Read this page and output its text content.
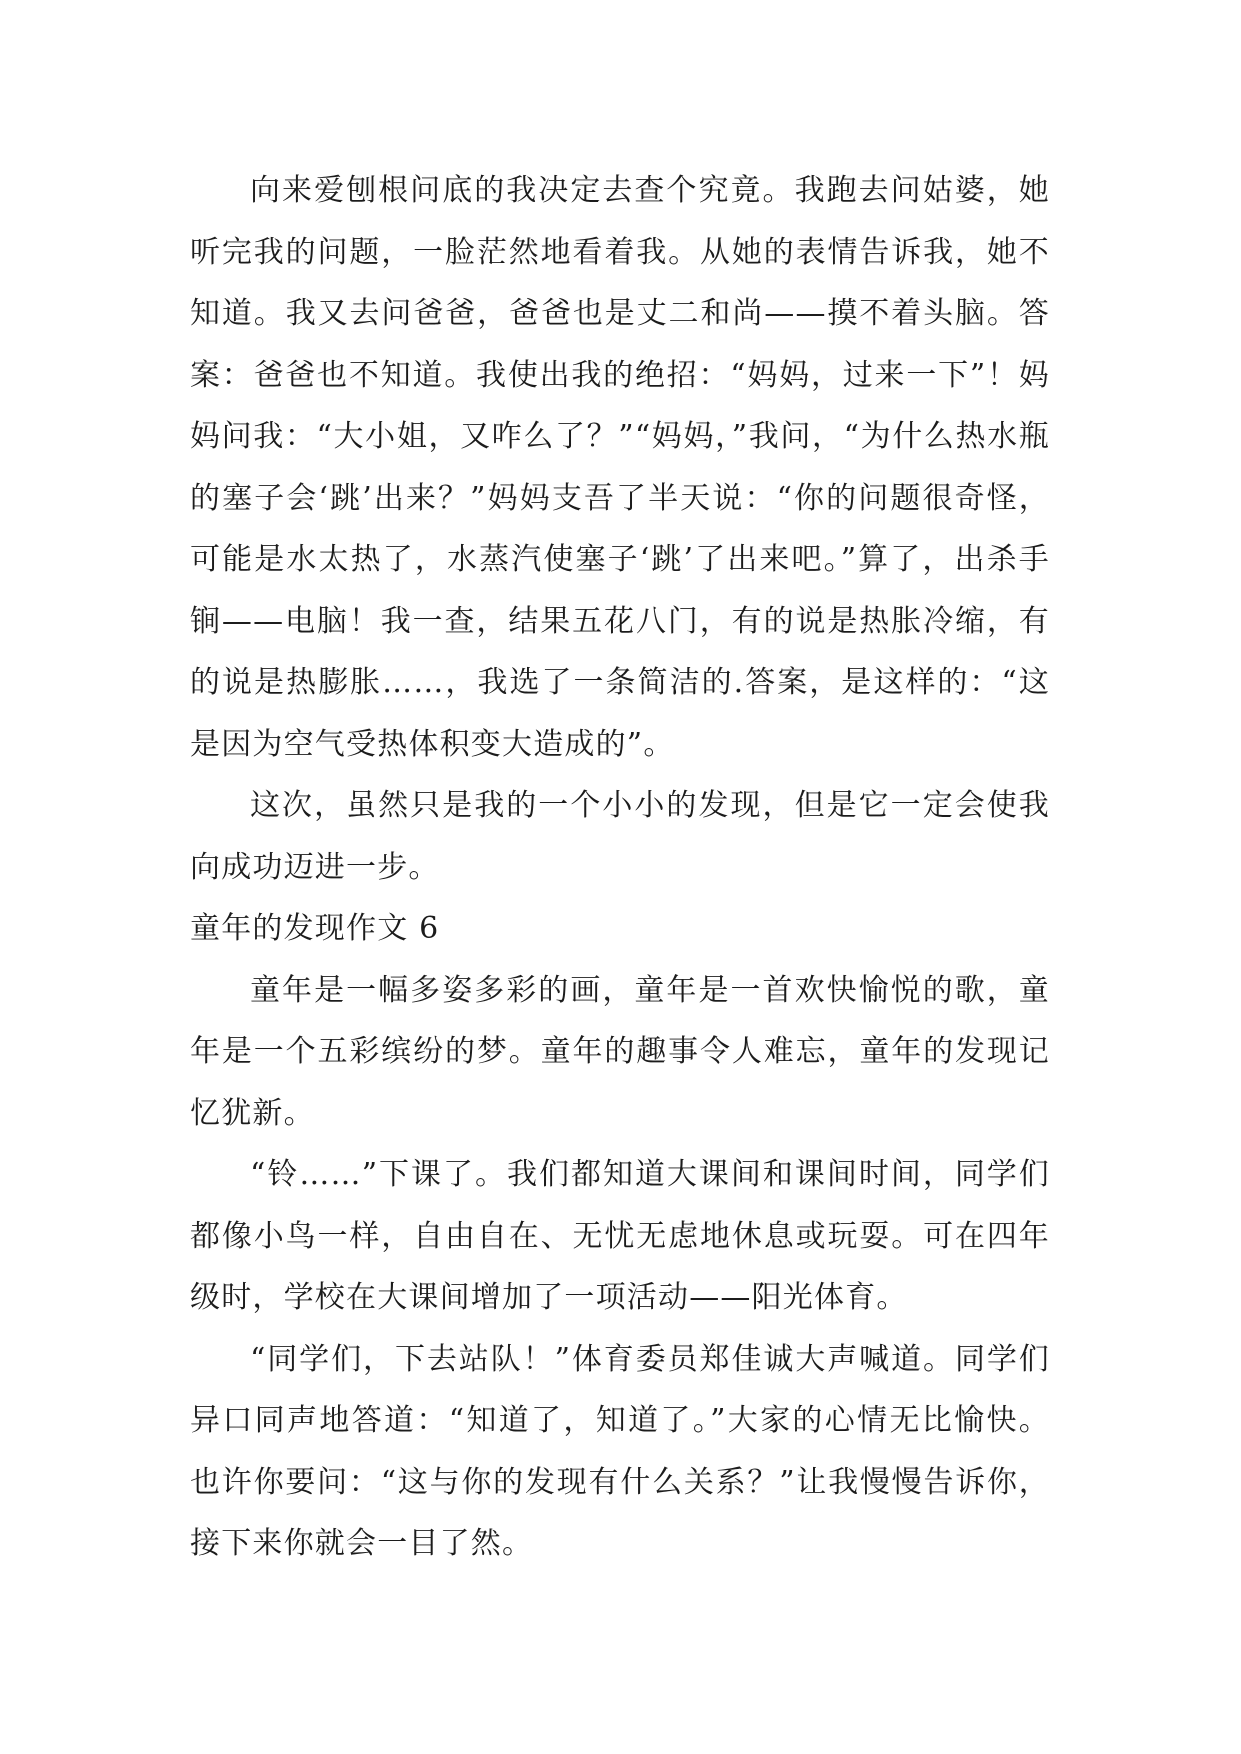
向来爱刨根问底的我决定去查个究竟。我跑去问姑婆，她听完我的问题，一脸茫然地看着我。从她的表情告诉我，她不知道。我又去问爸爸，爸爸也是丈二和尚——摸不着头脑。答案：爸爸也不知道。我使出我的绝招：“妈妈，过来一下”！妈妈问我：“大小姐，又咋么了？”“妈妈，”我问，“为什么热水瓶的塞子会‘跳’出来？”妈妈支吾了半天说：“你的问题很奇怪，可能是水太热了，水蒸汽使塞子‘跳’了出来吧。”算了，出杀手锏——电脑！我一查，结果五花八门，有的说是热胀冷缩，有的说是热膨胀……，我选了一条简洁的.答案，是这样的：“这是因为空气受热体积变大造成的”。

这次，虽然只是我的一个小小的发现，但是它一定会使我向成功迈进一步。

童年的发现作文 6

童年是一幅多姿多彩的画，童年是一首欢快愉悦的歌，童年是一个五彩缤纷的梦。童年的趣事令人难忘，童年的发现记忆犹新。

“铃……”下课了。我们都知道大课间和课间时间，同学们都像小鸟一样，自由自在、无忧无虑地休息或玩耍。可在四年级时，学校在大课间增加了一项活动——阳光体育。

“同学们，下去站队！”体育委员郑佳诚大声喊道。同学们异口同声地答道：“知道了，知道了。”大家的心情无比愉快。也许你要问：“这与你的发现有什么关系？”让我慢慢告诉你，接下来你就会一目了然。
